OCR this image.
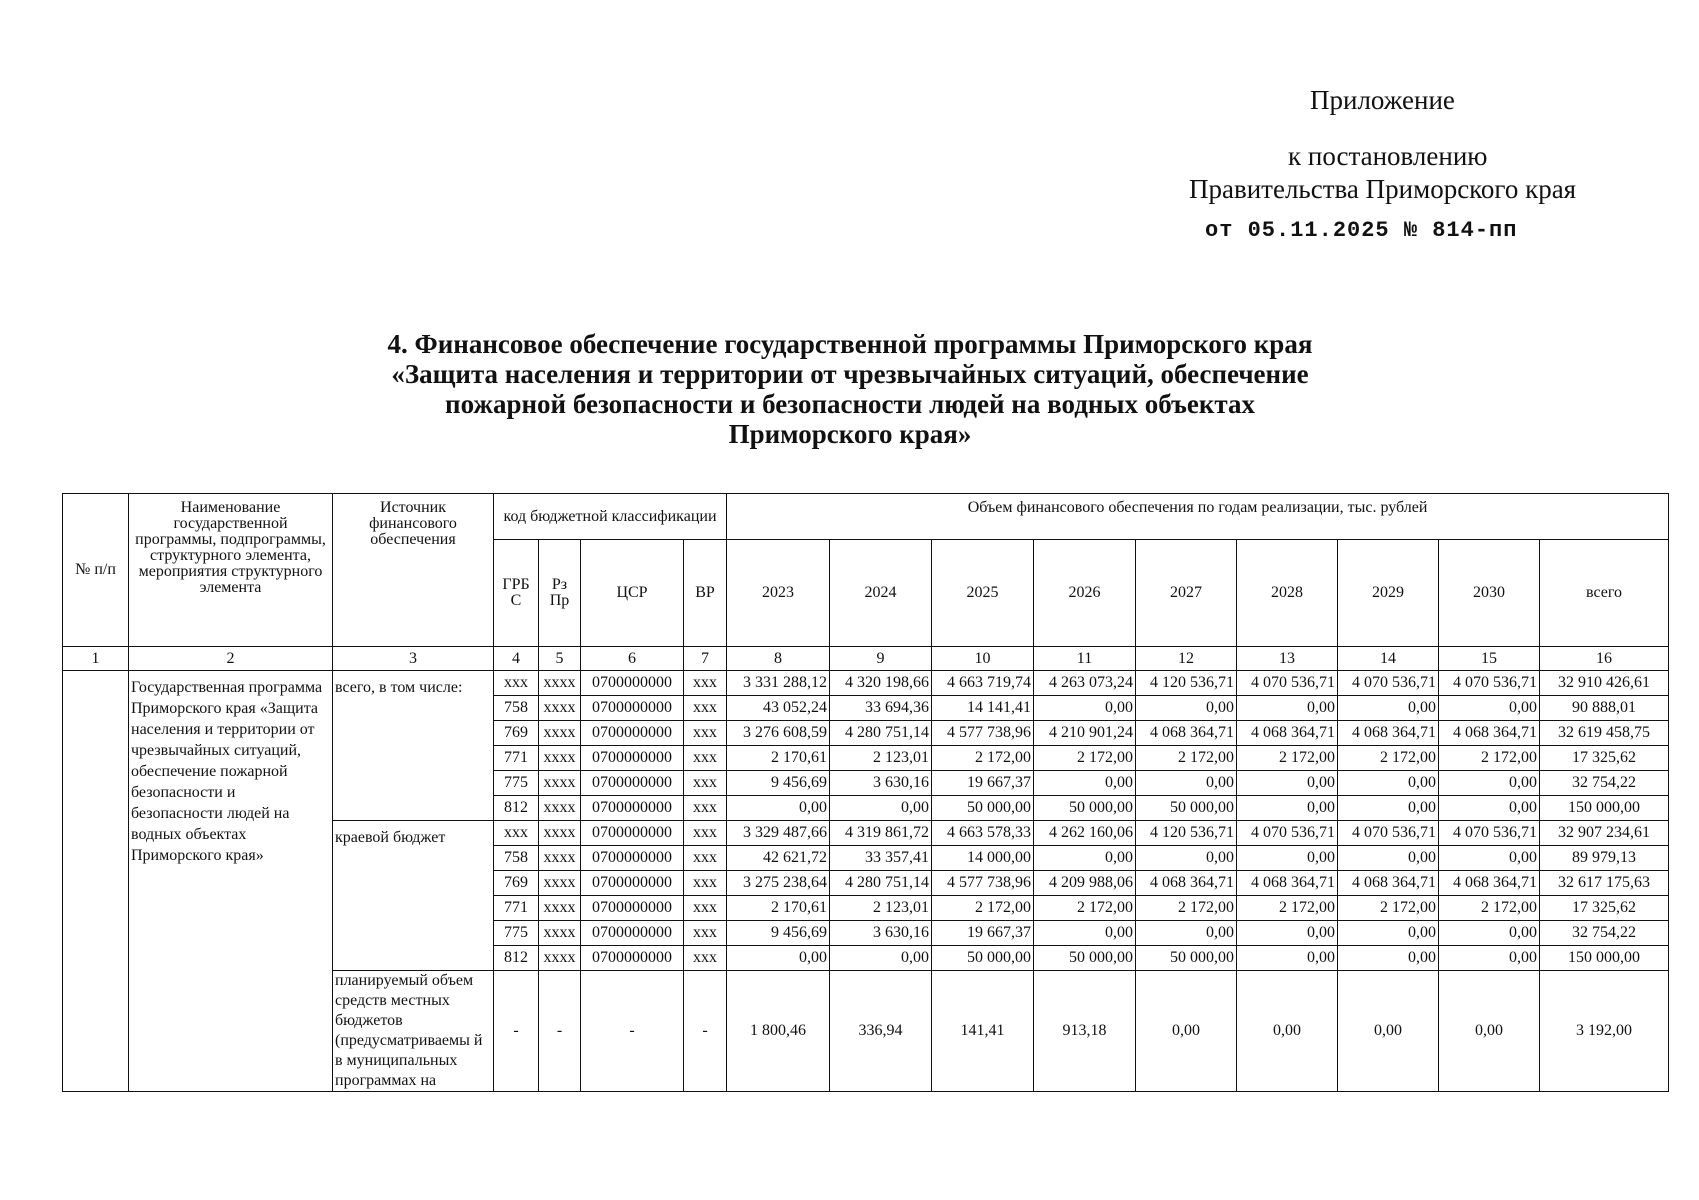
Приложение
к постановлению
Правительства Приморского края
от 05.11.2025 № 814-пп
4. Финансовое обеспечение государственной программы Приморского края
«Защита населения и территории от чрезвычайных ситуаций, обеспечение
пожарной безопасности и безопасности людей на водных объектах
Приморского края»
№ п/п	Наименование государственной программы, подпрограммы, структурного элемента, мероприятия структурного элемента	Источник финансового обеспечения	код бюджетной классификации				Объем финансового обеспечения по годам реализации, тыс. рублей								
			ГРБ С	Рз Пр	ЦСР	ВР	2023	2024	2025	2026	2027	2028	2029	2030	всего
1	2	3	4	5	6	7	8	9	10	11	12	13	14	15	16
	Государственная программа Приморского края «Защита населения и территории от чрезвычайных ситуаций, обеспечение пожарной безопасности и безопасности людей на водных объектах Приморского края»	всего, в том числе:	xxx	xxxx	0700000000	xxx	3 331 288,12	4 320 198,66	4 663 719,74	4 263 073,24	4 120 536,71	4 070 536,71	4 070 536,71	4 070 536,71	32 910 426,61
			758	xxxx	0700000000	xxx	43 052,24	33 694,36	14 141,41	0,00	0,00	0,00	0,00	0,00	90 888,01
			769	xxxx	0700000000	xxx	3 276 608,59	4 280 751,14	4 577 738,96	4 210 901,24	4 068 364,71	4 068 364,71	4 068 364,71	4 068 364,71	32 619 458,75
			771	xxxx	0700000000	xxx	2 170,61	2 123,01	2 172,00	2 172,00	2 172,00	2 172,00	2 172,00	2 172,00	17 325,62
			775	xxxx	0700000000	xxx	9 456,69	3 630,16	19 667,37	0,00	0,00	0,00	0,00	0,00	32 754,22
			812	xxxx	0700000000	xxx	0,00	0,00	50 000,00	50 000,00	50 000,00	0,00	0,00	0,00	150 000,00
		краевой бюджет	xxx	xxxx	0700000000	xxx	3 329 487,66	4 319 861,72	4 663 578,33	4 262 160,06	4 120 536,71	4 070 536,71	4 070 536,71	4 070 536,71	32 907 234,61
			758	xxxx	0700000000	xxx	42 621,72	33 357,41	14 000,00	0,00	0,00	0,00	0,00	0,00	89 979,13
			769	xxxx	0700000000	xxx	3 275 238,64	4 280 751,14	4 577 738,96	4 209 988,06	4 068 364,71	4 068 364,71	4 068 364,71	4 068 364,71	32 617 175,63
			771	xxxx	0700000000	xxx	2 170,61	2 123,01	2 172,00	2 172,00	2 172,00	2 172,00	2 172,00	2 172,00	17 325,62
			775	xxxx	0700000000	xxx	9 456,69	3 630,16	19 667,37	0,00	0,00	0,00	0,00	0,00	32 754,22
			812	xxxx	0700000000	xxx	0,00	0,00	50 000,00	50 000,00	50 000,00	0,00	0,00	0,00	150 000,00
		планируемый объем средств местных бюджетов (предусматриваемы й в муниципальных программах на	-	-	-	-	1 800,46	336,94	141,41	913,18	0,00	0,00	0,00	0,00	3 192,00
